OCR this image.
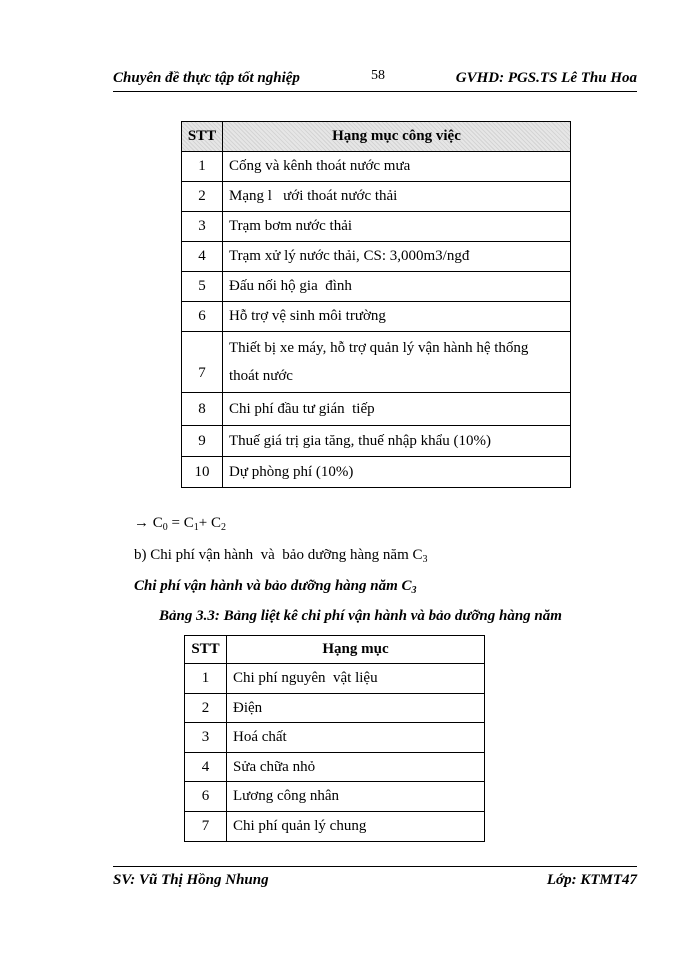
Chuyên đề thực tập tốt nghiệp	58	GVHD: PGS.TS Lê Thu Hoa
STT	Hạng mục công việc
1	Cống và kênh thoát nước mưa
2	Mạng l   ưới thoát nước thải
3	Trạm bơm nước thải
4	Trạm xử lý nước thải, CS: 3,000m3/ngđ
5	Đấu nối hộ gia  đình
6	Hỗ trợ vệ sinh môi trường
7	Thiết bị xe máy, hỗ trợ quản lý vận hành hệ thống
thoát nước

8	Chi phí đầu tư gián  tiếp
9	Thuế giá trị gia tăng, thuế nhập khẩu (10%)
10	Dự phòng phí (10%)
→ $C_0 = C_1+ C_2$
b) Chi phí vận hành  và  bảo dưỡng hàng năm $C_3$
Chi phí vận hành và bảo dưỡng hàng năm $C_3$
Bảng 3.3: Bảng liệt kê chi phí vận hành và bảo dưỡng hàng năm
STT	Hạng mục
1	Chi phí nguyên  vật liệu
2	Điện
3	Hoá chất
4	Sửa chữa nhỏ
6	Lương công nhân
7	Chi phí quản lý chung
SV: Vũ Thị Hồng Nhung	Lớp: KTMT47
